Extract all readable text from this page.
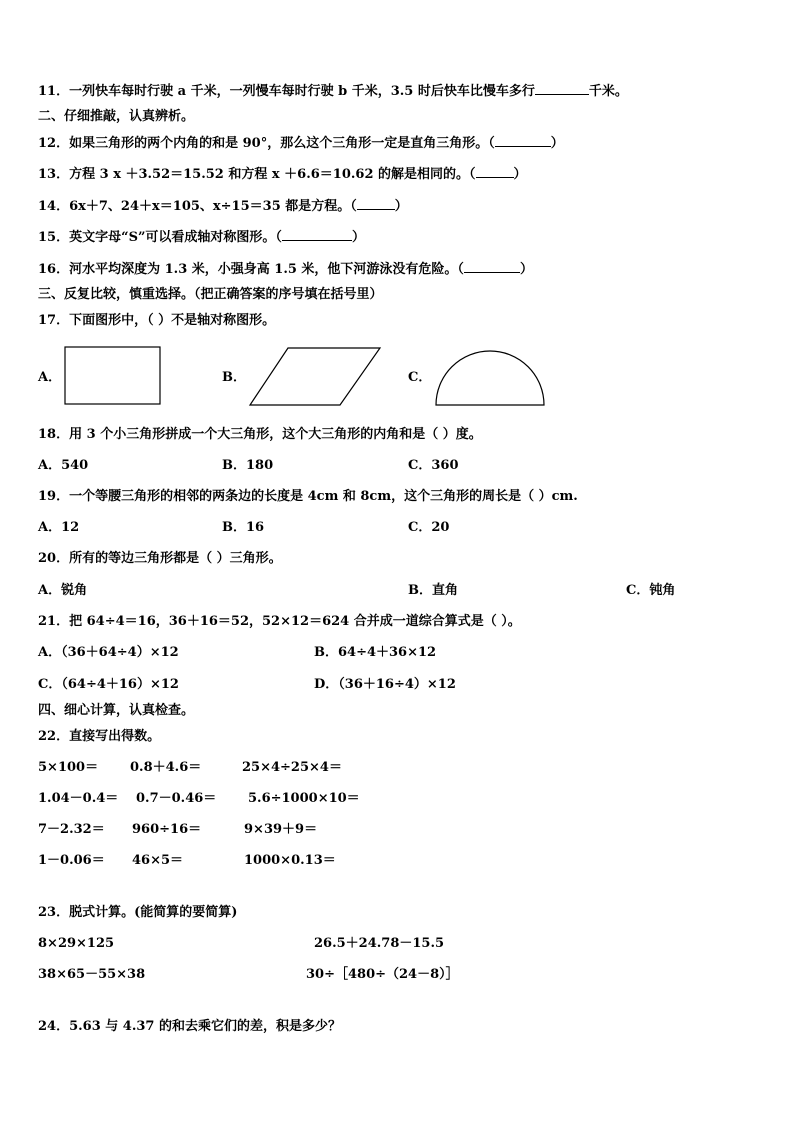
11．一列快车每时行驶 a 千米，一列慢车每时行驶 b 千米，3.5 时后快车比慢车多行	千米。
二、仔细推敲，认真辨析。
12．如果三角形的两个内角的和是 90°，那么这个三角形一定是直角三角形。（	）
13．方程 3 x ＋3.52＝15.52 和方程 x ＋6.6＝10.62 的解是相同的。（	）
14．6x＋7、24＋x＝105、x÷15＝35 都是方程。（	）
15．英文字母“S”可以看成轴对称图形。（	）
16．河水平均深度为 1.3 米，小强身高 1.5 米，他下河游泳没有危险。（	）
三、反复比较，慎重选择。（把正确答案的序号填在括号里）
17．下面图形中，（ ）不是轴对称图形。
A．	B．	C．
18．用 3 个小三角形拼成一个大三角形，这个大三角形的内角和是（ ）度。
A．540	B．180	C．360
19．一个等腰三角形的相邻的两条边的长度是 4cm 和 8cm，这个三角形的周长是（ ）cm.
A．12	B．16	C．20
20．所有的等边三角形都是（ ）三角形。
A．锐角	B．直角	C．钝角
21．把 64÷4＝16，36＋16＝52，52×12＝624 合并成一道综合算式是（ ）。
A．（36＋64÷4）×12	B．64÷4＋36×12
C．（64÷4＋16）×12	D．（36＋16÷4）×12
四、细心计算，认真检查。
22．直接写出得数。
5×100＝ 0.8＋4.6＝	25×4÷25×4＝
1.04－0.4＝ 0.7－0.46＝ 5.6÷1000×10＝
7－2.32＝ 960÷16＝	9×39＋9＝
1－0.06＝ 46×5＝	1000×0.13＝
23．脱式计算。(能简算的要简算)
8×29×125	26.5＋24.78－15.5
38×65－55×38	30÷［480÷（24－8）］
24．5.63 与 4.37 的和去乘它们的差，积是多少？
